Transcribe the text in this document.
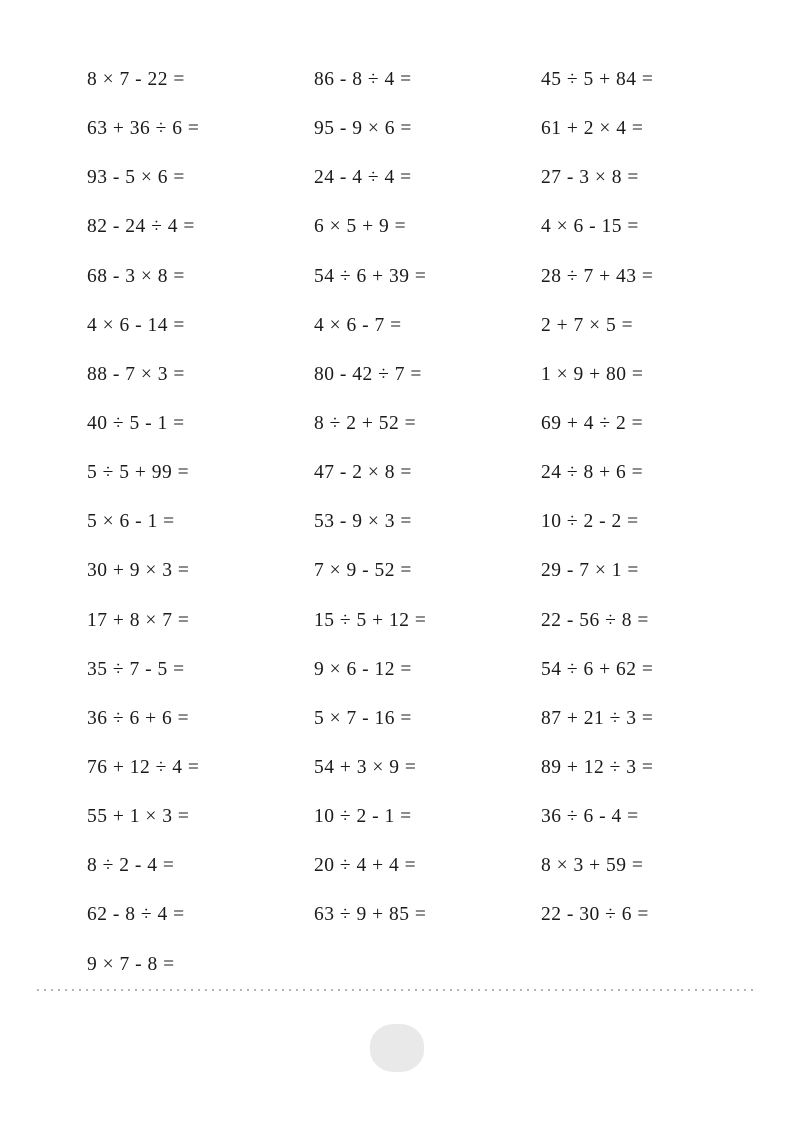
8 × 7 - 22 =
63 + 36 ÷ 6 =
93 - 5 × 6 =
82 - 24 ÷ 4 =
68 - 3 × 8 =
4 × 6 - 14 =
88 - 7 × 3 =
40 ÷ 5 - 1 =
5 ÷ 5 + 99 =
5 × 6 - 1 =
30 + 9 × 3 =
17 + 8 × 7 =
35 ÷ 7 - 5 =
36 ÷ 6 + 6 =
76 + 12 ÷ 4 =
55 + 1 × 3 =
8 ÷ 2 - 4 =
62 - 8 ÷ 4 =
9 × 7 - 8 =
86 - 8 ÷ 4 =
95 - 9 × 6 =
24 - 4 ÷ 4 =
6 × 5 + 9 =
54 ÷ 6 + 39 =
4 × 6 - 7 =
80 - 42 ÷ 7 =
8 ÷ 2 + 52 =
47 - 2 × 8 =
53 - 9 × 3 =
7 × 9 - 52 =
15 ÷ 5 + 12 =
9 × 6 - 12 =
5 × 7 - 16 =
54 + 3 × 9 =
10 ÷ 2 - 1 =
20 ÷ 4 + 4 =
63 ÷ 9 + 85 =
45 ÷ 5 + 84 =
61 + 2 × 4 =
27 - 3 × 8 =
4 × 6 - 15 =
28 ÷ 7 + 43 =
2 + 7 × 5 =
1 × 9 + 80 =
69 + 4 ÷ 2 =
24 ÷ 8 + 6 =
10 ÷ 2 - 2 =
29 - 7 × 1 =
22 - 56 ÷ 8 =
54 ÷ 6 + 62 =
87 + 21 ÷ 3 =
89 + 12 ÷ 3 =
36 ÷ 6 - 4 =
8 × 3 + 59 =
22 - 30 ÷ 6 =
